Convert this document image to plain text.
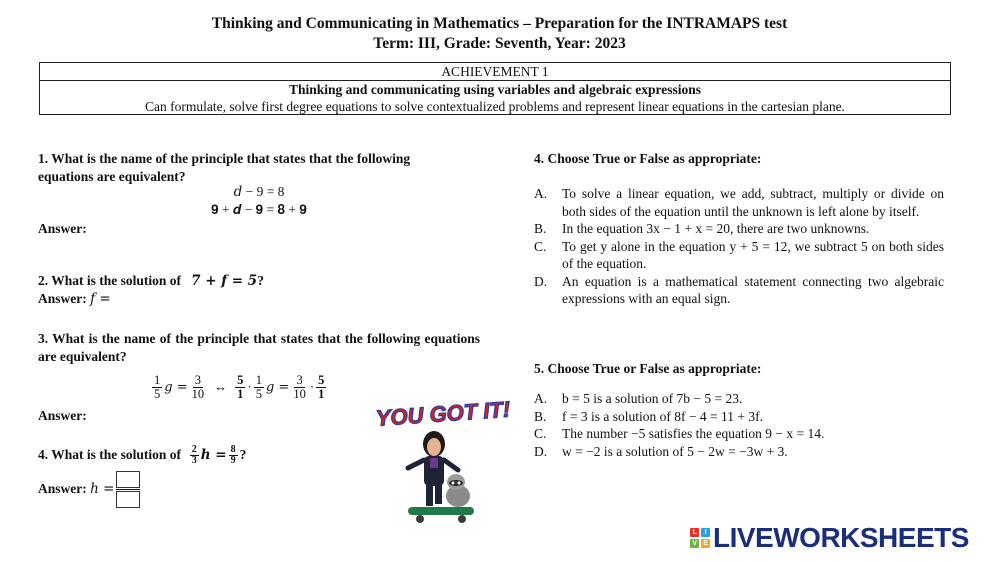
Thinking and Communicating in Mathematics – Preparation for the INTRAMAPS test
Term: III, Grade: Seventh, Year: 2023
ACHIEVEMENT 1
Thinking and communicating using variables and algebraic expressions
Can formulate, solve first degree equations to solve contextualized problems and represent linear equations in the cartesian plane.
1. What is the name of the principle that states that the following equations are equivalent?
𝑑 − 9 = 8
𝟗 + 𝒅 − 𝟗 = 𝟖 + 𝟗
Answer:
2. What is the solution of 7 + f = 5?
Answer: f =
3. What is the name of the principle that states that the following equations are equivalent?
$\frac{1}{5}$ $g = \frac{3}{10}$ ↔ $\frac{5}{1} \cdot \frac{1}{5}$ $g = \frac{3}{10} \cdot \frac{5}{1}$
Answer:
4. What is the solution of
$\frac{2}{3}$ $h = \frac{8}{9}$ ?
Answer:
h =
YOU GOT IT!
4. Choose True or False as appropriate:
A.	To solve a linear equation, we add, subtract, multiply or divide on both sides of the equation until the unknown is left alone by itself.
B.	In the equation 3x − 1 + x = 20, there are two unknowns.
C.	To get y alone in the equation y + 5 = 12, we subtract 5 on both sides of the equation.
D.	An equation is a mathematical statement connecting two algebraic expressions with an equal sign.
5. Choose True or False as appropriate:
A.	b = 5 is a solution of 7b − 5 = 23.
B.	f = 3 is a solution of 8f − 4 = 11 + 3f.
C.	The number −5 satisfies the equation 9 − x = 14.
D.	w = −2 is a solution of 5 − 2w = −3w + 3.
L	I
V E LIVEWORKSHEETS
